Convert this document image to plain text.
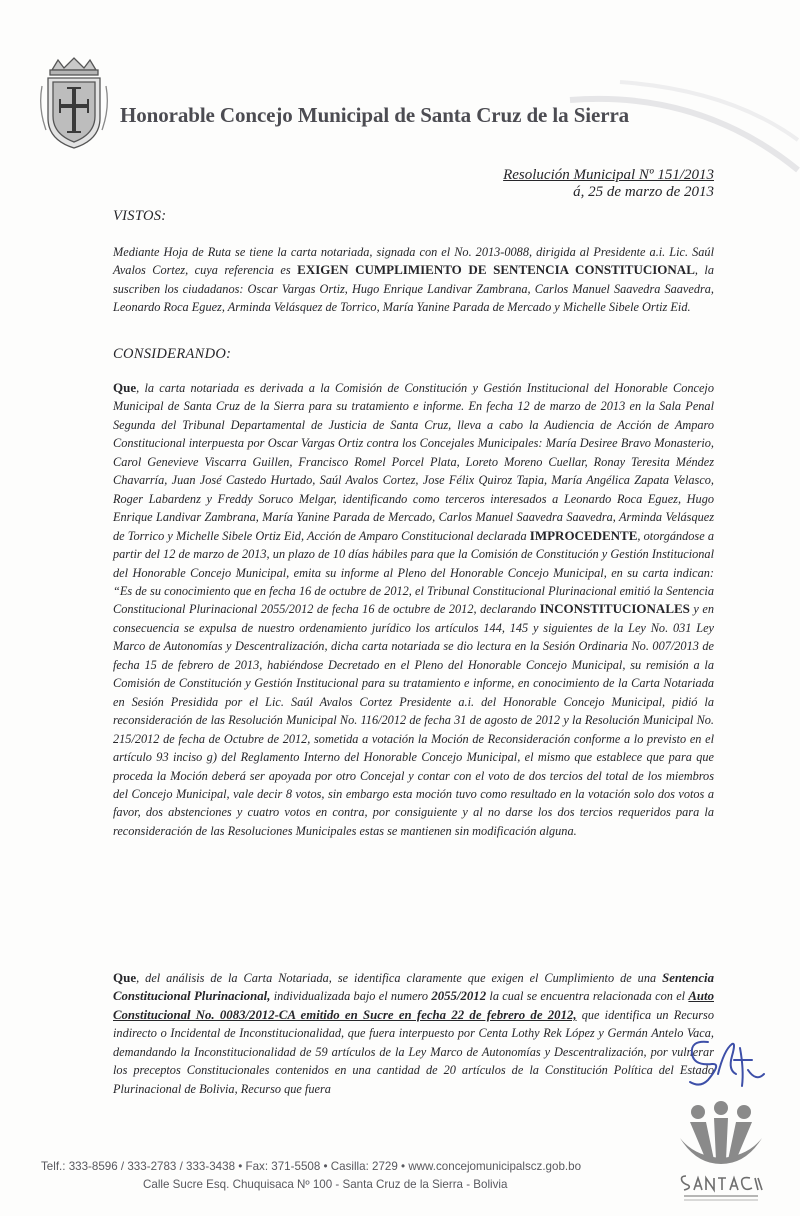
Honorable Concejo Municipal de Santa Cruz de la Sierra
Resolución Municipal Nº 151/2013
á, 25 de marzo de 2013
VISTOS:

Mediante Hoja de Ruta se tiene la carta notariada, signada con el No. 2013-0088, dirigida al Presidente a.i. Lic. Saúl Avalos Cortez, cuya referencia es EXIGEN CUMPLIMIENTO DE SENTENCIA CONSTITUCIONAL, la suscriben los ciudadanos: Oscar Vargas Ortiz, Hugo Enrique Landivar Zambrana, Carlos Manuel Saavedra Saavedra, Leonardo Roca Eguez, Arminda Velásquez de Torrico, María Yanine Parada de Mercado y Michelle Sibele Ortiz Eid.

CONSIDERANDO:

Que, la carta notariada es derivada a la Comisión de Constitución y Gestión Institucional del Honorable Concejo Municipal de Santa Cruz de la Sierra para su tratamiento e informe. En fecha 12 de marzo de 2013 en la Sala Penal Segunda del Tribunal Departamental de Justicia de Santa Cruz, lleva a cabo la Audiencia de Acción de Amparo Constitucional interpuesta por Oscar Vargas Ortiz contra los Concejales Municipales: María Desiree Bravo Monasterio, Carol Genevieve Viscarra Guillen, Francisco Romel Porcel Plata, Loreto Moreno Cuellar, Ronay Teresita Méndez Chavarría, Juan José Castedo Hurtado, Saúl Avalos Cortez, Jose Félix Quiroz Tapia, María Angélica Zapata Velasco, Roger Labardenz y Freddy Soruco Melgar, identificando como terceros interesados a Leonardo Roca Eguez, Hugo Enrique Landivar Zambrana, María Yanine Parada de Mercado, Carlos Manuel Saavedra Saavedra, Arminda Velásquez de Torrico y Michelle Sibele Ortiz Eid, Acción de Amparo Constitucional declarada IMPROCEDENTE, otorgándose a partir del 12 de marzo de 2013, un plazo de 10 días hábiles para que la Comisión de Constitución y Gestión Institucional del Honorable Concejo Municipal, emita su informe al Pleno del Honorable Concejo Municipal, en su carta indican: “Es de su conocimiento que en fecha 16 de octubre de 2012, el Tribunal Constitucional Plurinacional emitió la Sentencia Constitucional Plurinacional 2055/2012 de fecha 16 de octubre de 2012, declarando INCONSTITUCIONALES y en consecuencia se expulsa de nuestro ordenamiento jurídico los artículos 144, 145 y siguientes de la Ley No. 031 Ley Marco de Autonomías y Descentralización, dicha carta notariada se dio lectura en la Sesión Ordinaria No. 007/2013 de fecha 15 de febrero de 2013, habiéndose Decretado en el Pleno del Honorable Concejo Municipal, su remisión a la Comisión de Constitución y Gestión Institucional para su tratamiento e informe, en conocimiento de la Carta Notariada en Sesión Presidida por el Lic. Saúl Avalos Cortez Presidente a.i. del Honorable Concejo Municipal, pidió la reconsideración de las Resolución Municipal No. 116/2012 de fecha 31 de agosto de 2012 y la Resolución Municipal No. 215/2012 de fecha de Octubre de 2012, sometida a votación la Moción de Reconsideración conforme a lo previsto en el artículo 93 inciso g) del Reglamento Interno del Honorable Concejo Municipal, el mismo que establece que para que proceda la Moción deberá ser apoyada por otro Concejal y contar con el voto de dos tercios del total de los miembros del Concejo Municipal, vale decir 8 votos, sin embargo esta moción tuvo como resultado en la votación solo dos votos a favor, dos abstenciones y cuatro votos en contra, por consiguiente y al no darse los dos tercios requeridos para la reconsideración de las Resoluciones Municipales estas se mantienen sin modificación alguna.

Que, del análisis de la Carta Notariada, se identifica claramente que exigen el Cumplimiento de una Sentencia Constitucional Plurinacional, individualizada bajo el numero 2055/2012 la cual se encuentra relacionada con el Auto Constitucional No. 0083/2012-CA emitido en Sucre en fecha 22 de febrero de 2012, que identifica un Recurso indirecto o Incidental de Inconstitucionalidad, que fuera interpuesto por Centa Lothy Rek López y Germán Antelo Vaca, demandando la Inconstitucionalidad de 59 artículos de la Ley Marco de Autonomías y Descentralización, por vulnerar los preceptos Constitucionales contenidos en una cantidad de 20 artículos de la Constitución Política del Estado Plurinacional de Bolivia, Recurso que fuera

Telf.: 333-8596 / 333-2783 / 333-3438 • Fax: 371-5508 • Casilla: 2729 • www.concejomunicipalscz.gob.bo
Calle Sucre Esq. Chuquisaca Nº 100 - Santa Cruz de la Sierra - Bolivia
